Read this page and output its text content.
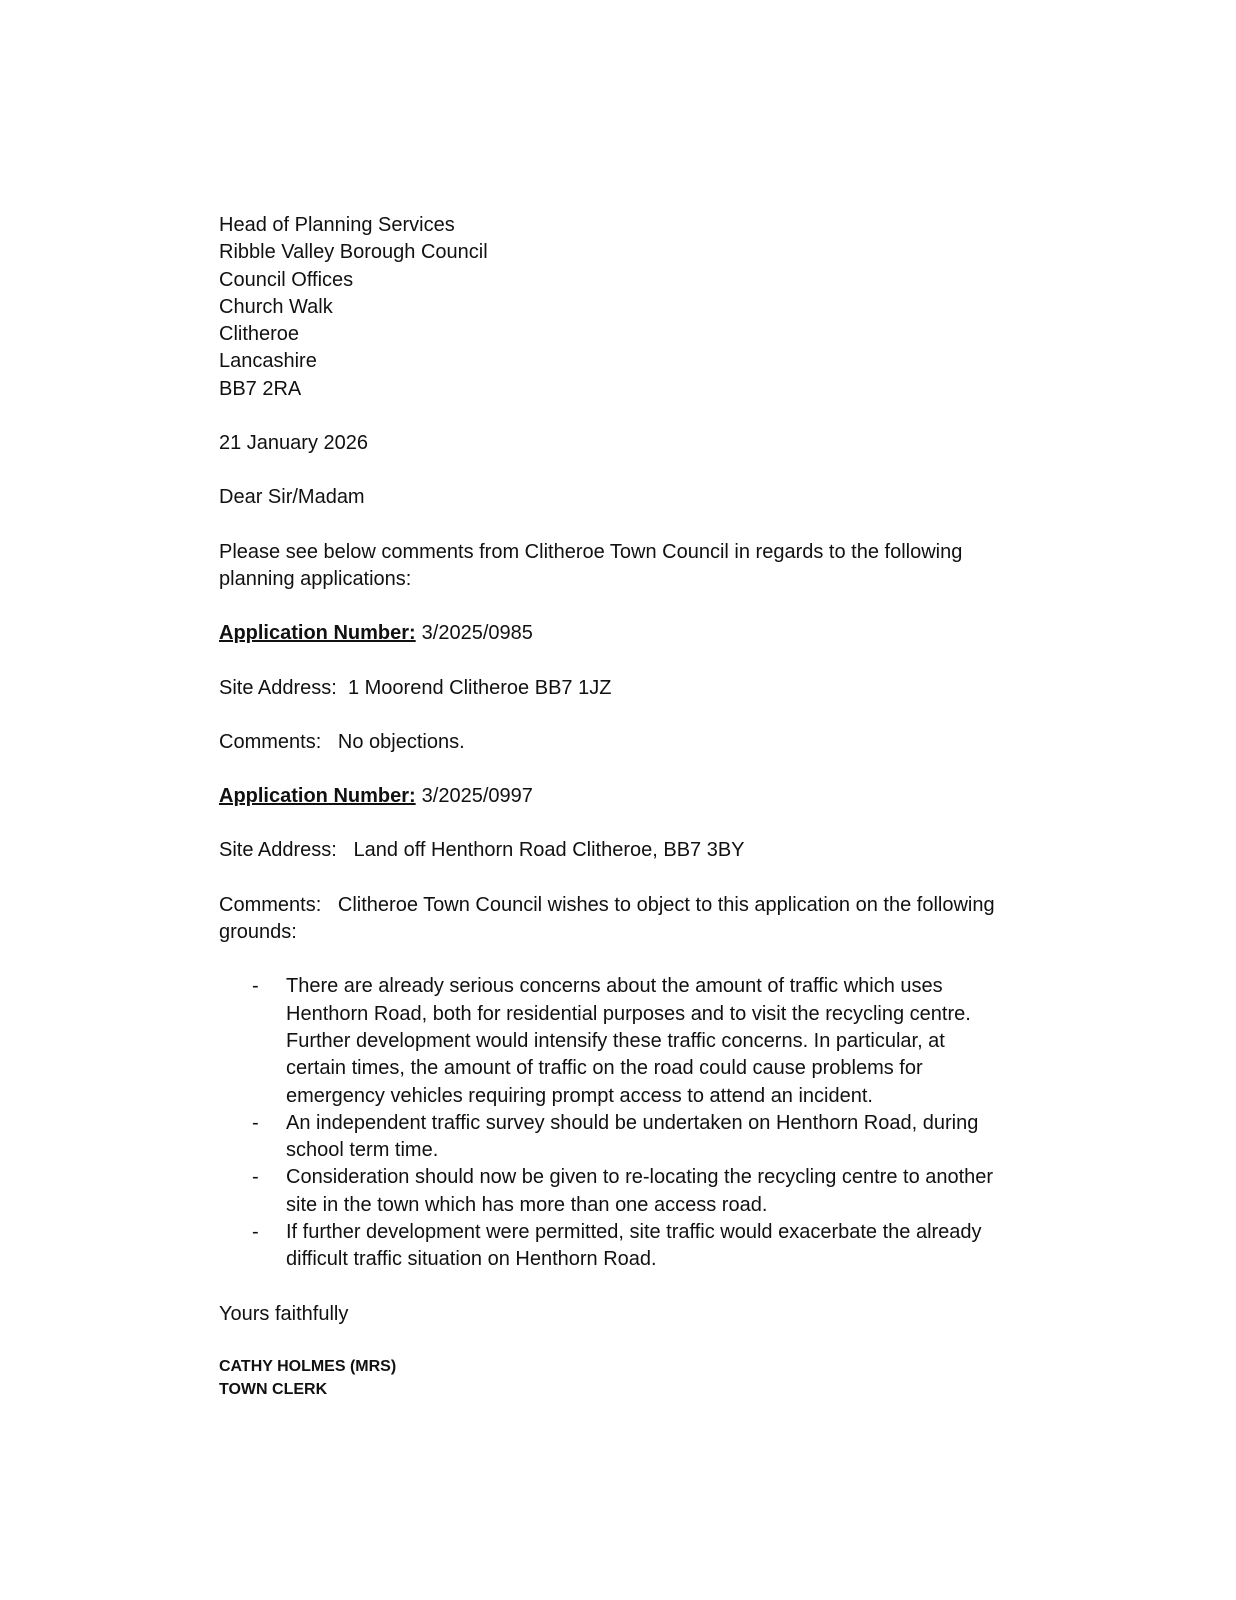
Head of Planning Services
Ribble Valley Borough Council
Council Offices
Church Walk
Clitheroe
Lancashire
BB7 2RA

21 January 2026

Dear Sir/Madam

Please see below comments from Clitheroe Town Council in regards to the following planning applications:

Application Number: 3/2025/0985

Site Address: 1 Moorend Clitheroe BB7 1JZ

Comments: No objections.

Application Number: 3/2025/0997

Site Address: Land off Henthorn Road Clitheroe, BB7 3BY

Comments: Clitheroe Town Council wishes to object to this application on the following grounds:

- There are already serious concerns about the amount of traffic which uses Henthorn Road, both for residential purposes and to visit the recycling centre. Further development would intensify these traffic concerns. In particular, at certain times, the amount of traffic on the road could cause problems for emergency vehicles requiring prompt access to attend an incident.
- An independent traffic survey should be undertaken on Henthorn Road, during school term time.
- Consideration should now be given to re-locating the recycling centre to another site in the town which has more than one access road.
- If further development were permitted, site traffic would exacerbate the already difficult traffic situation on Henthorn Road.

Yours faithfully

CATHY HOLMES (MRS)
TOWN CLERK
